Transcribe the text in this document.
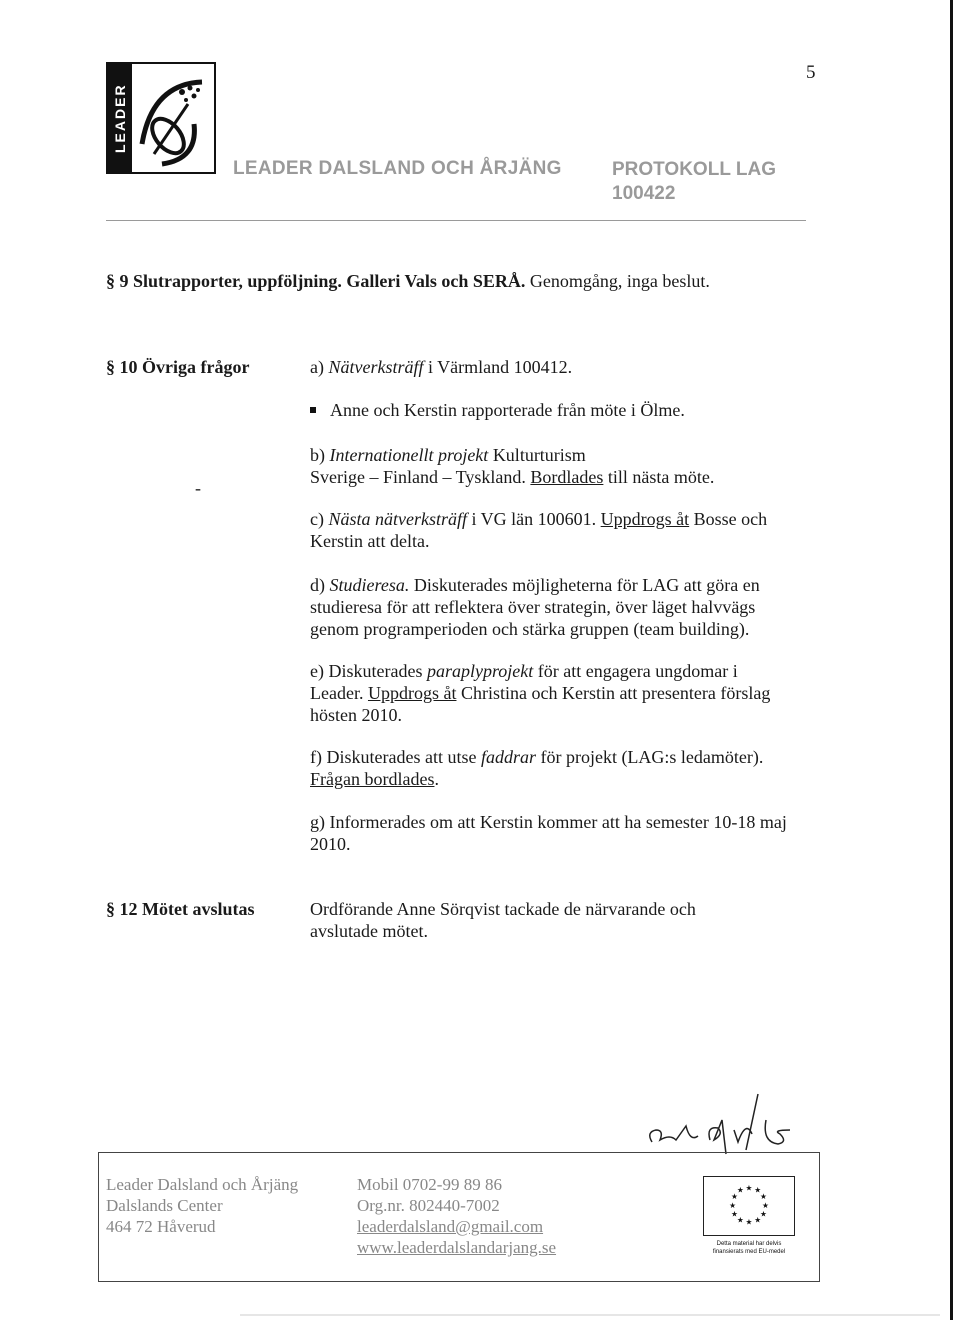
5
LEADER
LEADER DALSLAND OCH ÅRJÄNG	PROTOKOLL LAG
100422
§ 9 Slutrapporter, uppföljning. Galleri Vals och SERÅ. Genomgång, inga beslut.
§ 10 Övriga frågor	a) Nätverksträff i Värmland 100412.
Anne och Kerstin rapporterade från möte i Ölme.
b) Internationellt projekt Kulturturism
Sverige – Finland – Tyskland. Bordlades till nästa möte.
-
c) Nästa nätverksträff i VG län 100601. Uppdrogs åt Bosse och
Kerstin att delta.
d) Studieresa. Diskuterades möjligheterna för LAG att göra en
studieresa för att reflektera över strategin, över läget halvvägs
genom programperioden och stärka gruppen (team building).
e) Diskuterades paraplyprojekt för att engagera ungdomar i
Leader. Uppdrogs åt Christina och Kerstin att presentera förslag
hösten 2010.
f) Diskuterades att utse faddrar för projekt (LAG:s ledamöter).
Frågan bordlades.
g) Informerades om att Kerstin kommer att ha semester 10-18 maj
2010.
§ 12 Mötet avslutas	Ordförande Anne Sörqvist tackade de närvarande och
avslutade mötet.
Leader Dalsland och Årjäng
Dalslands Center
464 72 Håverud
Mobil 0702-99 89 86
Org.nr. 802440-7002
leaderdalsland@gmail.com
www.leaderdalslandarjang.se
★ ★
★
★
★
★
★
★
★
★
★
★
Detta material har delvis
finansierats med EU-medel
